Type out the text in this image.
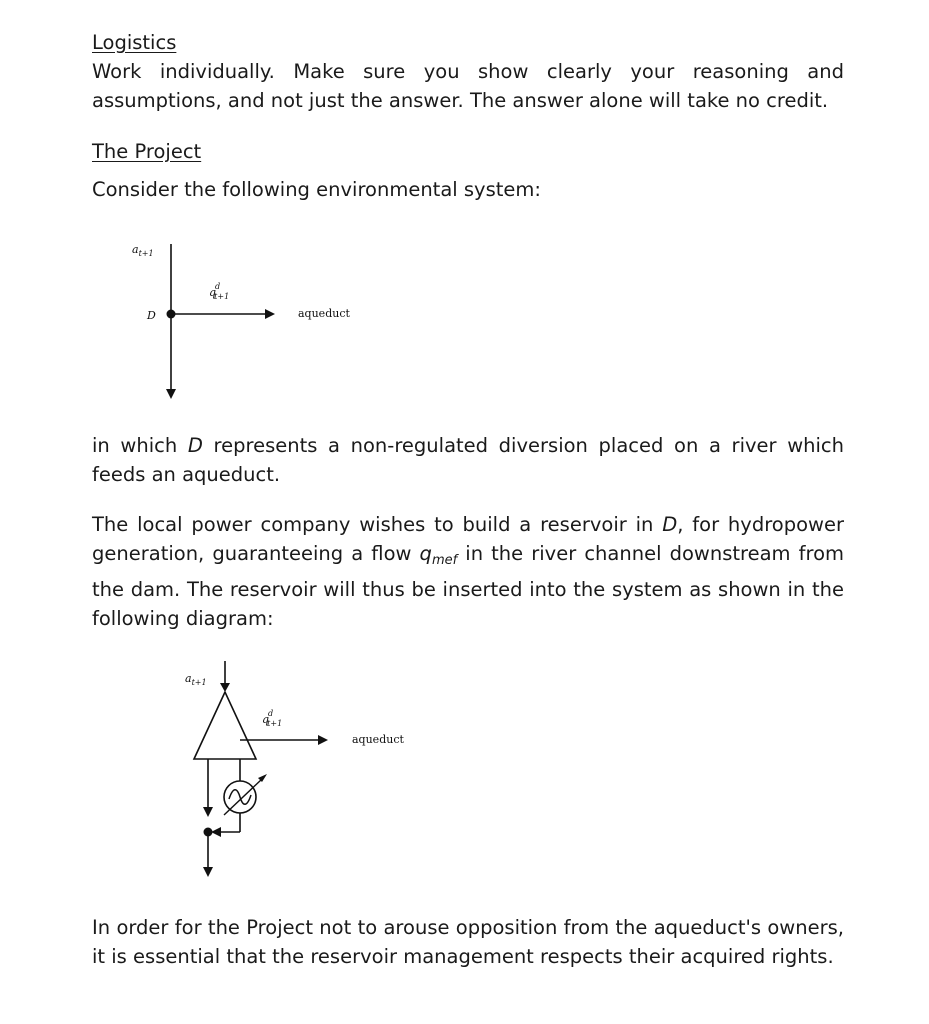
Logistics
Work individually. Make sure you show clearly your reasoning and assumptions, and not just the answer. The answer alone will take no credit.
The Project
Consider the following environmental system:
$a_{t+1}$
D
qd t+1
aqueduct
in which D represents a non-regulated diversion placed on a river which feeds an aqueduct.
The local power company wishes to build a reservoir in D, for hydropower generation, guaranteeing a flow $q_{mef}$ in the river channel downstream from the dam. The reservoir will thus be inserted into the system as shown in the following diagram:
$a_{t+1}$
qd t+1
aqueduct
In order for the Project not to arouse opposition from the aqueduct's owners, it is essential that the reservoir management respects their acquired rights.
